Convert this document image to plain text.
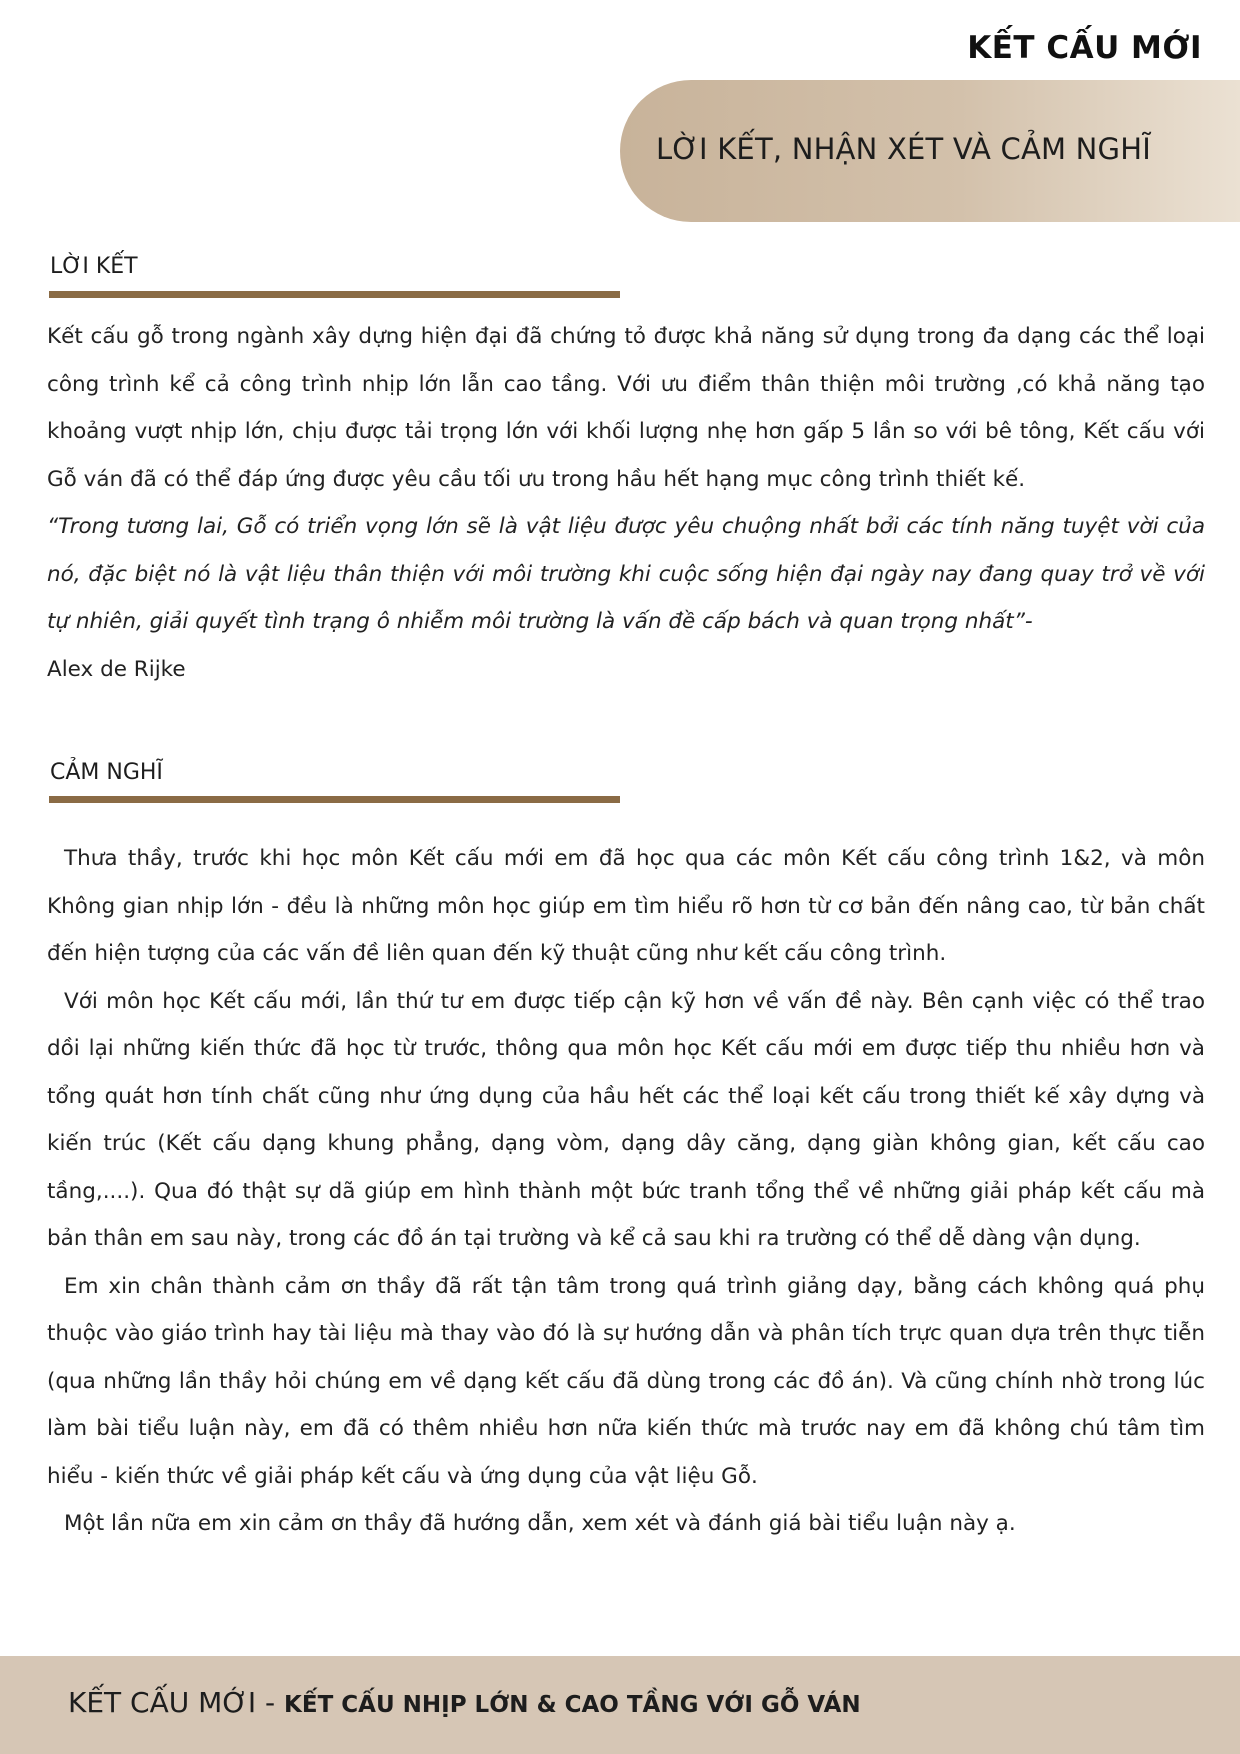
KẾT CẤU MỚI
LỜI KẾT, NHẬN XÉT VÀ CẢM NGHĨ
LỜI KẾT

Kết cấu gỗ trong ngành xây dựng hiện đại đã chứng tỏ được khả năng sử dụng trong đa dạng các thể loại công trình kể cả công trình nhịp lớn lẫn cao tầng. Với ưu điểm thân thiện môi trường ,có khả năng tạo khoảng vượt nhịp lớn, chịu được tải trọng lớn với khối lượng nhẹ hơn gấp 5 lần so với bê tông, Kết cấu với Gỗ ván đã có thể đáp ứng được yêu cầu tối ưu trong hầu hết hạng mục công trình thiết kế.

“Trong tương lai, Gỗ có triển vọng lớn sẽ là vật liệu được yêu chuộng nhất bởi các tính năng tuyệt vời của nó, đặc biệt nó là vật liệu thân thiện với môi trường khi cuộc sống hiện đại ngày nay đang quay trở về với tự nhiên, giải quyết tình trạng ô nhiễm môi trường là vấn đề cấp bách và quan trọng nhất”-

Alex de Rijke

CẢM NGHĨ

Thưa thầy, trước khi học môn Kết cấu mới em đã học qua các môn Kết cấu công trình 1&2, và môn Không gian nhịp lớn - đều là những môn học giúp em tìm hiểu rõ hơn từ cơ bản đến nâng cao, từ bản chất đến hiện tượng của các vấn đề liên quan đến kỹ thuật cũng như kết cấu công trình.

Với môn học Kết cấu mới, lần thứ tư em được tiếp cận kỹ hơn về vấn đề này. Bên cạnh việc có thể trao dồi lại những kiến thức đã học từ trước, thông qua môn học Kết cấu mới em được tiếp thu nhiều hơn và tổng quát hơn tính chất cũng như ứng dụng của hầu hết các thể loại kết cấu trong thiết kế xây dựng và kiến trúc (Kết cấu dạng khung phẳng, dạng vòm, dạng dây căng, dạng giàn không gian, kết cấu cao tầng,....). Qua đó thật sự dã giúp em hình thành một bức tranh tổng thể về những giải pháp kết cấu mà bản thân em sau này, trong các đồ án tại trường và kể cả sau khi ra trường có thể dễ dàng vận dụng.

Em xin chân thành cảm ơn thầy đã rất tận tâm trong quá trình giảng dạy, bằng cách không quá phụ thuộc vào giáo trình hay tài liệu mà thay vào đó là sự hướng dẫn và phân tích trực quan dựa trên thực tiễn (qua những lần thầy hỏi chúng em về dạng kết cấu đã dùng trong các đồ án). Và cũng chính nhờ trong lúc làm bài tiểu luận này, em đã có thêm nhiều hơn nữa kiến thức mà trước nay em đã không chú tâm tìm hiểu - kiến thức về giải pháp kết cấu và ứng dụng của vật liệu Gỗ.

Một lần nữa em xin cảm ơn thầy đã hướng dẫn, xem xét và đánh giá bài tiểu luận này ạ.

KẾT CẤU MỚI - KẾT CẤU NHỊP LỚN & CAO TẦNG VỚI GỖ VÁN
